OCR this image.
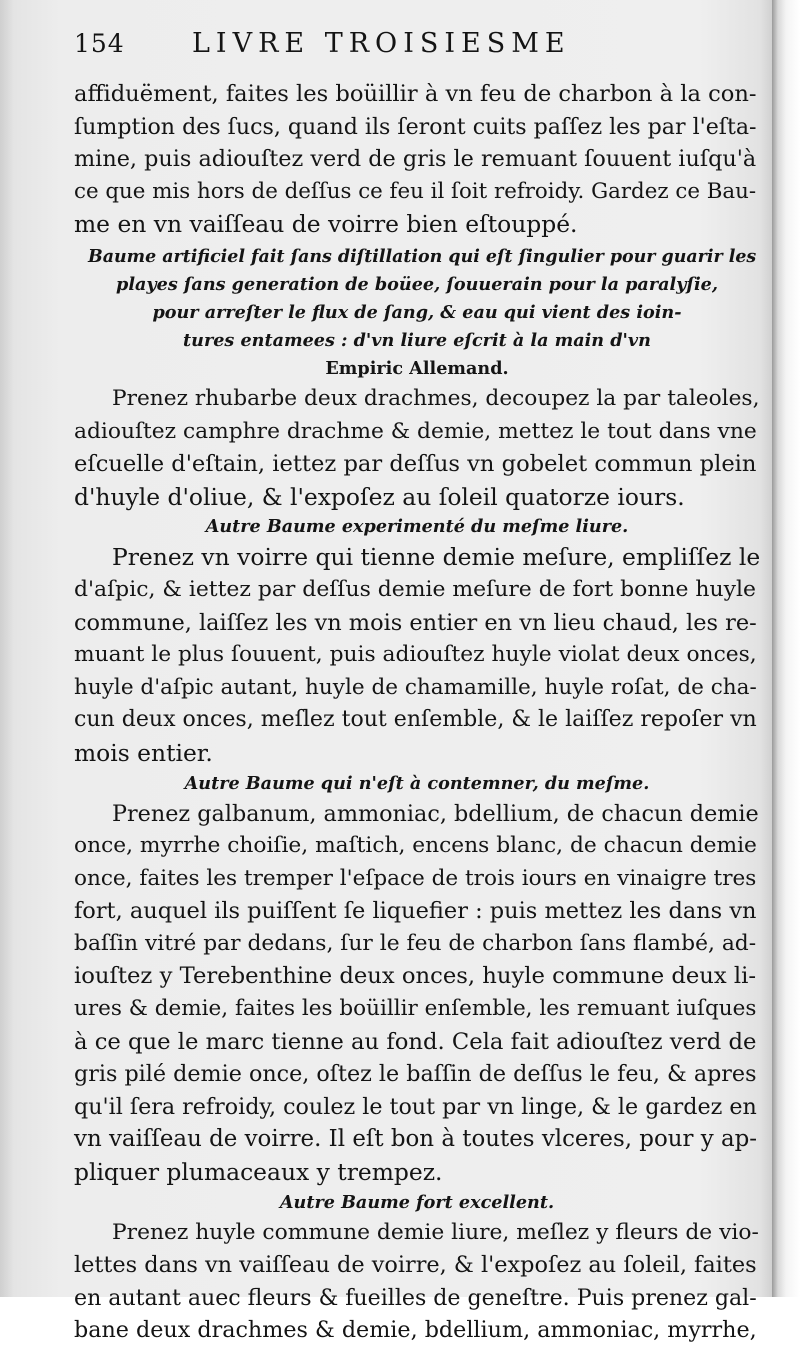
154	LIVRE TROISIESME
affiduëment, faites les boüillir à vn feu de charbon à la con-
ſumption des ſucs, quand ils ſeront cuits paſſez les par l'eſta-
mine, puis adiouſtez verd de gris le remuant ſouuent iuſqu'à
ce que mis hors de deſſus ce feu il ſoit refroidy. Gardez ce Bau-
me en vn vaiſſeau de voirre bien eſtouppé.
Baume artificiel fait ſans diſtillation qui eſt ſingulier pour guarir les
playes ſans generation de boüee, ſouuerain pour la paralyſie,
pour arreſter le flux de ſang, & eau qui vient des ioin-
tures entamees : d'vn liure eſcrit à la main d'vn
Empiric Allemand.
Prenez rhubarbe deux drachmes, decoupez la par taleoles,
adiouſtez camphre drachme & demie, mettez le tout dans vne
eſcuelle d'eſtain, iettez par deſſus vn gobelet commun plein
d'huyle d'oliue, & l'expoſez au ſoleil quatorze iours.
Autre Baume experimenté du meſme liure.
Prenez vn voirre qui tienne demie meſure, empliſſez le
d'aſpic, & iettez par deſſus demie meſure de fort bonne huyle
commune, laiſſez les vn mois entier en vn lieu chaud, les re-
muant le plus ſouuent, puis adiouſtez huyle violat deux onces,
huyle d'aſpic autant, huyle de chamamille, huyle roſat, de cha-
cun deux onces, meſlez tout enſemble, & le laiſſez repoſer vn
mois entier.
Autre Baume qui n'eſt à contemner, du meſme.
Prenez galbanum, ammoniac, bdellium, de chacun demie
once, myrrhe choiſie, maſtich, encens blanc, de chacun demie
once, faites les tremper l'eſpace de trois iours en vinaigre tres
fort, auquel ils puiſſent ſe liquefier : puis mettez les dans vn
baſſin vitré par dedans, ſur le feu de charbon ſans flambé, ad-
iouſtez y Terebenthine deux onces, huyle commune deux li-
ures & demie, faites les boüillir enſemble, les remuant iuſques
à ce que le marc tienne au fond. Cela fait adiouſtez verd de
gris pilé demie once, oſtez le baſſin de deſſus le feu, & apres
qu'il ſera refroidy, coulez le tout par vn linge, & le gardez en
vn vaiſſeau de voirre. Il eſt bon à toutes vlceres, pour y ap-
pliquer plumaceaux y trempez.
Autre Baume fort excellent.
Prenez huyle commune demie liure, meſlez y fleurs de vio-
lettes dans vn vaiſſeau de voirre, & l'expoſez au ſoleil, faites
en autant auec fleurs & fueilles de geneſtre. Puis prenez gal-
bane deux drachmes & demie, bdellium, ammoniac, myrrhe,
